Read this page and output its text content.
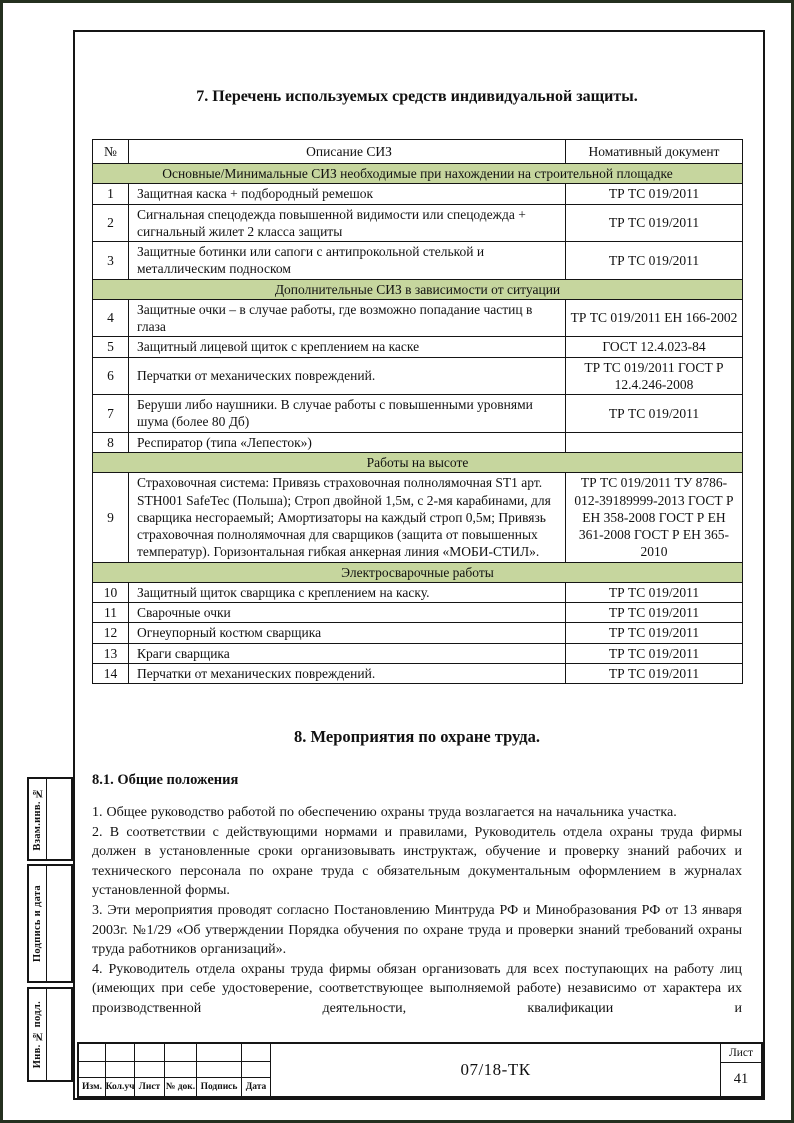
7. Перечень используемых средств индивидуальной защиты.
№	Описание СИЗ	Номативный документ
Основные/Минимальные СИЗ необходимые при нахождении на строительной площадке		
1	Защитная каска + подбородный ремешок	ТР ТС 019/2011
2	Сигнальная спецодежда повышенной видимости или спецодежда + сигнальный жилет 2 класса защиты	ТР ТС 019/2011
3	Защитные ботинки или сапоги с антипрокольной стелькой и металлическим подноском	ТР ТС 019/2011
Дополнительные СИЗ в зависимости от ситуации		
4	Защитные очки – в случае работы, где возможно попадание частиц в глаза	ТР ТС 019/2011 ЕН 166-2002
5	Защитный лицевой щиток с креплением на каске	ГОСТ 12.4.023-84
6	Перчатки от механических повреждений.	ТР ТС 019/2011 ГОСТ Р 12.4.246-2008
7	Беруши либо наушники. В случае работы с повышенными уровнями шума (более 80 Дб)	ТР ТС 019/2011
8	Респиратор (типа «Лепесток»)	
Работы на высоте		
9	Страховочная система: Привязь страховочная полнолямочная ST1 арт. STH001 SafeTec (Польша); Строп двойной 1,5м, с 2-мя карабинами, для сварщика несгораемый; Амортизаторы на каждый строп 0,5м; Привязь страховочная полнолямочная для сварщиков (защита от повышенных температур). Горизонтальная гибкая анкерная линия «МОБИ-СТИЛ».	ТР ТС 019/2011 ТУ 8786-012-39189999-2013 ГОСТ Р ЕН 358-2008 ГОСТ Р ЕН 361-2008 ГОСТ Р ЕН 365-2010
Электросварочные работы		
10	Защитный щиток сварщика с креплением на каску.	ТР ТС 019/2011
11	Сварочные очки	ТР ТС 019/2011
12	Огнеупорный костюм сварщика	ТР ТС 019/2011
13	Краги сварщика	ТР ТС 019/2011
14	Перчатки от механических повреждений.	ТР ТС 019/2011
8. Мероприятия по охране труда.
8.1. Общие положения

1. Общее руководство работой по обеспечению охраны труда возлагается на начальника участка.

2. В соответствии с действующими нормами и правилами, Руководитель отдела охраны труда фирмы должен в установленные сроки организовывать инструктаж, обучение и проверку знаний рабочих и технического персонала по охране труда с обязательным документальным оформлением в журналах установленной формы.

3. Эти мероприятия проводят согласно Постановлению Минтруда РФ и Минобразования РФ от 13 января 2003г. №1/29 «Об утверждении Порядка обучения по охране труда и проверки знаний требований охраны труда работников организаций».

4. Руководитель отдела охраны труда фирмы обязан организовать для всех поступающих на работу лиц (имеющих при себе удостоверение, соответствующее выполняемой работе) независимо от характера их производственной деятельности, квалификации и

Взам.инв. №
Подпись и дата
Инв. № подл.
Изм. Кол.уч Лист № док. Подпись Дата
07/18-ТК
Лист
41
